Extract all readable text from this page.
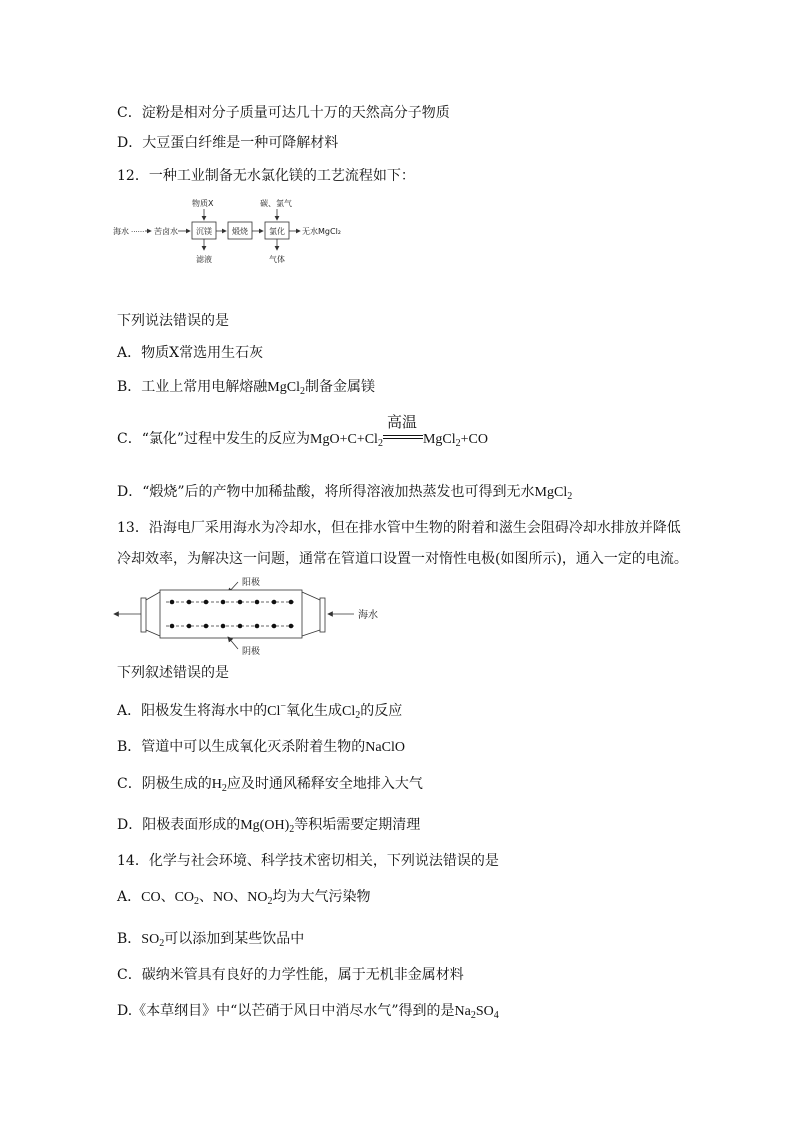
C．淀粉是相对分子质量可达几十万的天然高分子物质
D．大豆蛋白纤维是一种可降解材料
12．一种工业制备无水氯化镁的工艺流程如下：
物质X	碳、氯气
海水 ······ 苦卤水 沉镁
滤液
煅烧	氯化
气体
无水MgCl₂
下列说法错误的是
A．物质X常选用生石灰
B．工业上常用电解熔融MgCl$_2$制备金属镁
C．“氯化”过程中发生的反应为$MgO+C+Cl_2$
高温
MgCl$_2$+CO
D．“煅烧”后的产物中加稀盐酸，将所得溶液加热蒸发也可得到无水MgCl$_2$
13．沿海电厂采用海水为冷却水，但在排水管中生物的附着和滋生会阻碍冷却水排放并降低
冷却效率，为解决这一问题，通常在管道口设置一对惰性电极(如图所示)，通入一定的电流。
阳极
海水
阴极
下列叙述错误的是
A．阳极发生将海水中的Cl−氧化生成$Cl_2$的反应
B．管道中可以生成氧化灭杀附着生物的NaClO
C．阴极生成的$H_2$应及时通风稀释安全地排入大气
D．阳极表面形成的$Mg(OH)_2$等积垢需要定期清理
14．化学与社会环境、科学技术密切相关，下列说法错误的是
A．CO、$CO_2$、NO、$NO_2$均为大气污染物
B．$SO_2$可以添加到某些饮品中
C．碳纳米管具有良好的力学性能，属于无机非金属材料
D.《本草纲目》中“以芒硝于风日中消尽水气”得到的是$Na_2SO_4$
